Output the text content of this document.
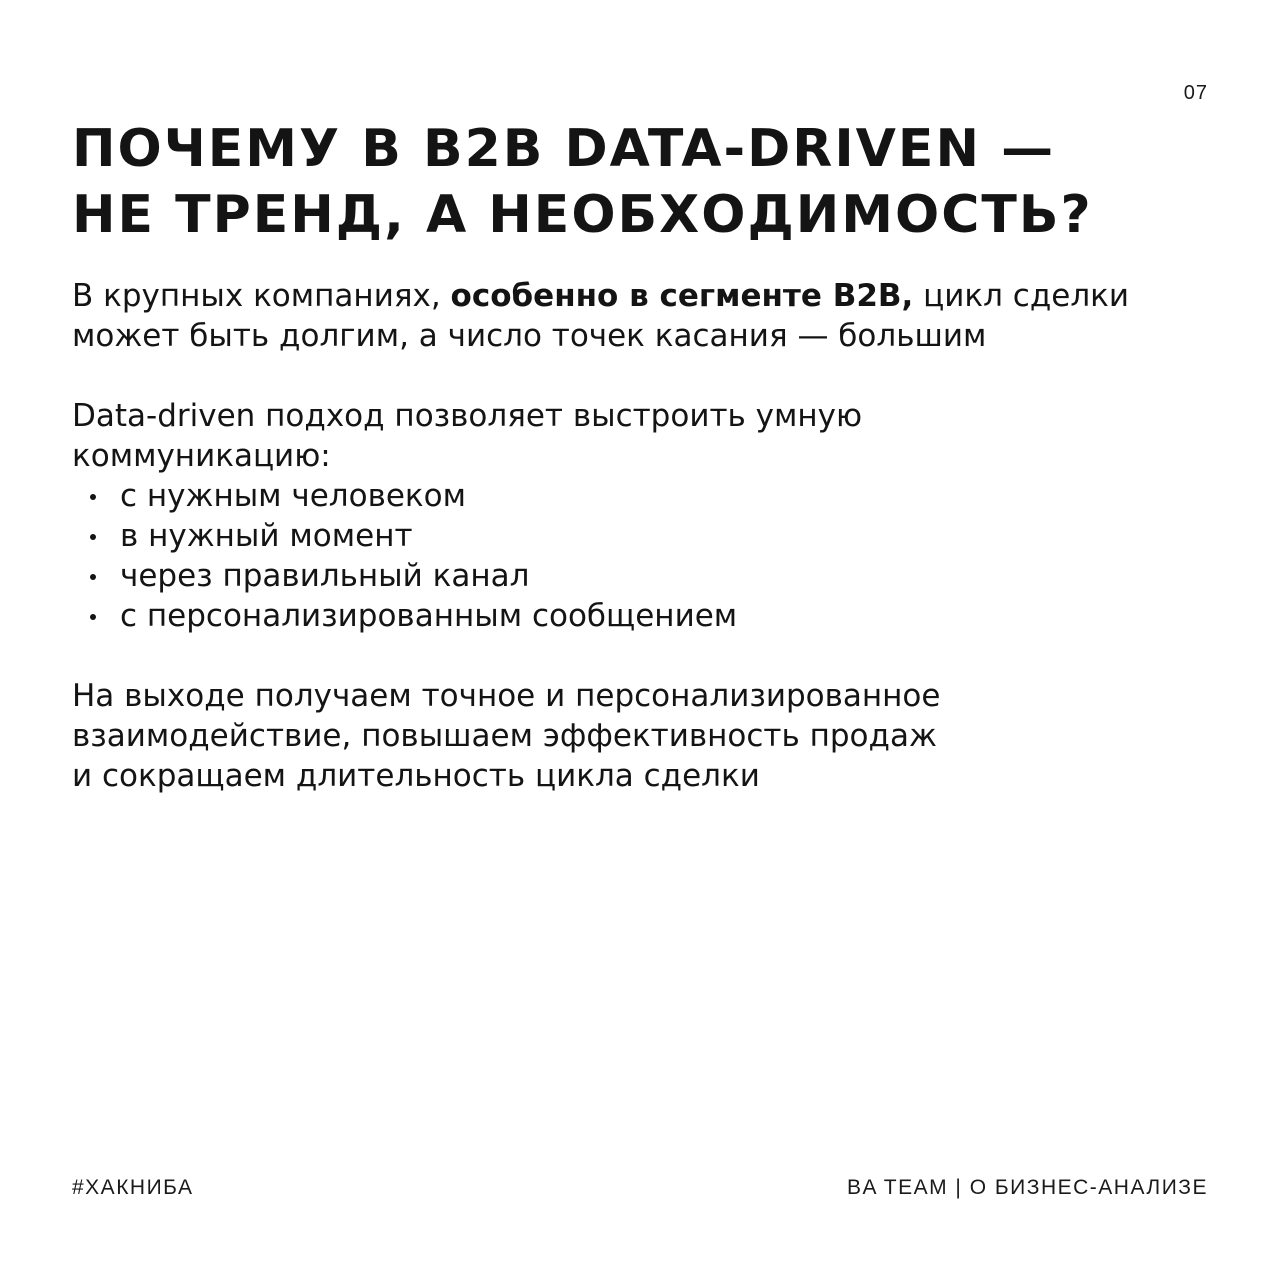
07
ПОЧЕМУ В B2B DATA-DRIVEN —
НЕ ТРЕНД, А НЕОБХОДИМОСТЬ?

В крупных компаниях, особенно в сегменте B2B, цикл сделки
может быть долгим, а число точек касания — большим

Data-driven подход позволяет выстроить умную
коммуникацию:

с нужным человеком
в нужный момент
через правильный канал
с персонализированным сообщением

На выходе получаем точное и персонализированное
взаимодействие, повышаем эффективность продаж
и сокращаем длительность цикла сделки

#ХАКНИБА	BA TEAM | О БИЗНЕС-АНАЛИЗЕ
